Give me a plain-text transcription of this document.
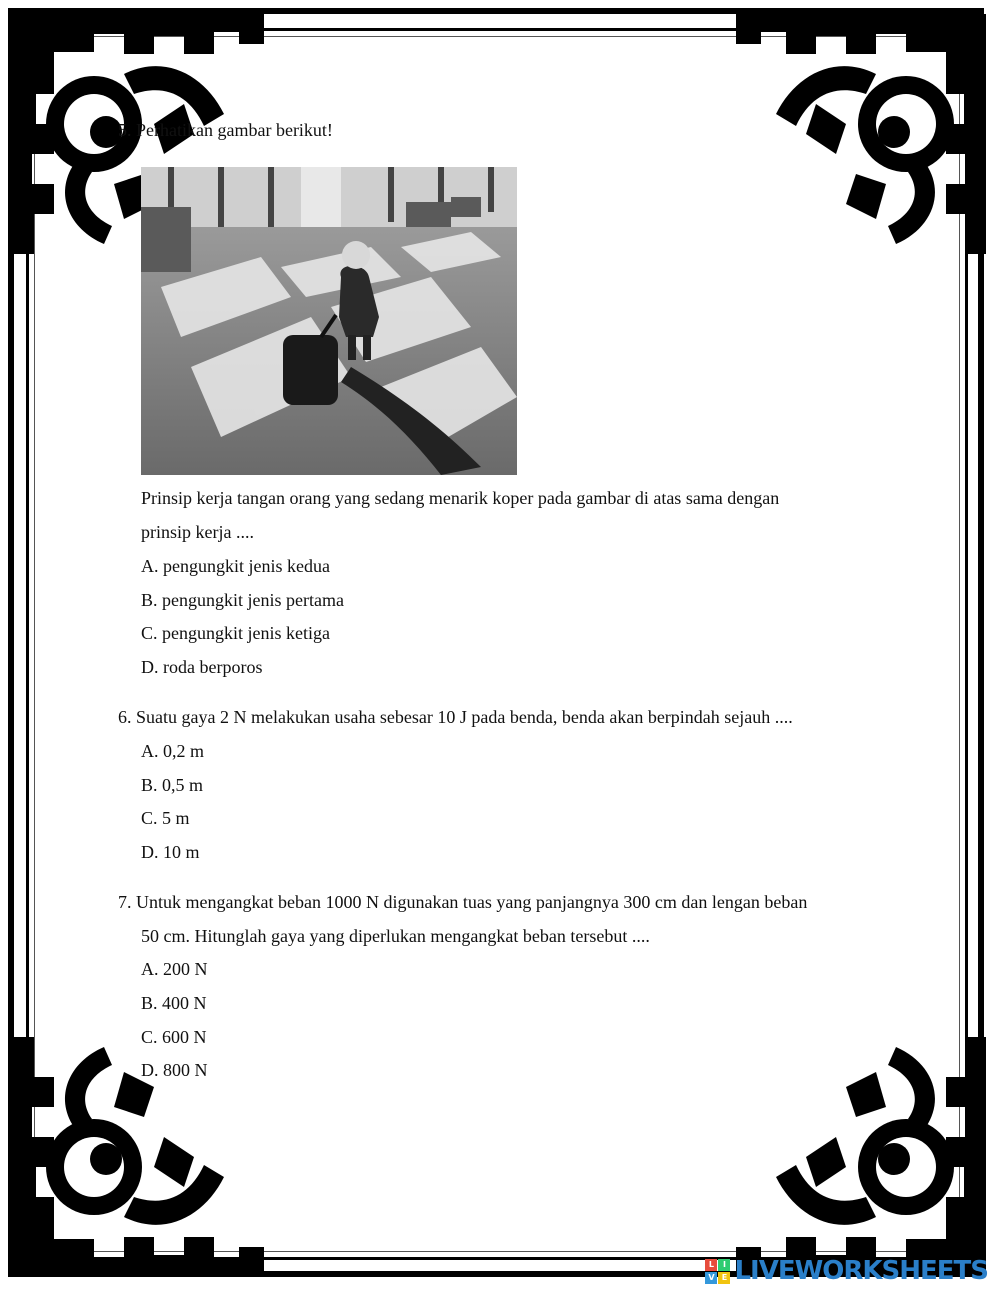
5. Perhatikan gambar berikut!
Prinsip kerja tangan orang yang sedang menarik koper pada gambar di atas sama dengan
prinsip kerja ....
A. pengungkit jenis kedua
B. pengungkit jenis pertama
C. pengungkit jenis ketiga
D. roda berporos
6. Suatu gaya 2 N melakukan usaha sebesar 10 J pada benda, benda akan berpindah sejauh ....
A. 0,2 m
B. 0,5 m
C. 5 m
D. 10 m
7. Untuk mengangkat beban 1000 N digunakan tuas yang panjangnya 300 cm dan lengan beban
50 cm. Hitunglah gaya yang diperlukan mengangkat beban tersebut ....
A. 200 N
B. 400 N
C. 600 N
D. 800 N
L	I
V E LIVEWORKSHEETS
